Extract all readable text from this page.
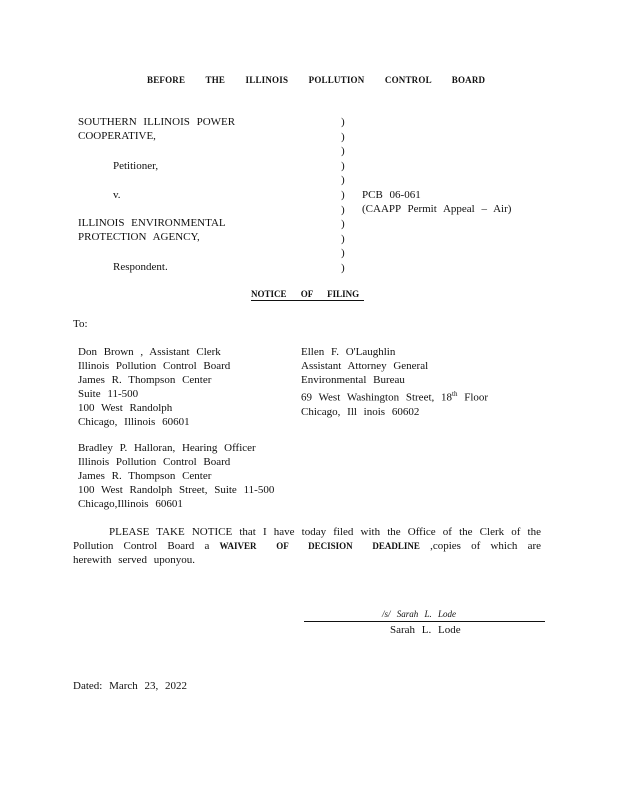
BEFORE THE ILLINOIS POLLUTION CONTROL BOARD
SOUTHERN ILLINOIS POWER
COOPERATIVE,
Petitioner,
v.
ILLINOIS ENVIRONMENTAL
PROTECTION AGENCY,
Respondent.
)
)
)
)
)
)
)
)
)
)
)
PCB 06-061
(CAAPP Permit Appeal – Air)
NOTICE OF FILING
To:
Don Brown , Assistant Clerk
Illinois Pollution Control Board
James R. Thompson Center
Suite 11-500
100 West Randolph
Chicago, Illinois 60601
Ellen F. O'Laughlin
Assistant Attorney General
Environmental Bureau
69 West Washington Street, 18th Floor
Chicago, Ill inois 60602
Bradley P. Halloran, Hearing Officer
Illinois Pollution Control Board
James R. Thompson Center
100 West Randolph Street, Suite 11-500
Chicago,Illinois 60601
PLEASE TAKE NOTICE that I have today filed with the Office of the Clerk of the Pollution Control Board a WAIVER OF DECISION DEADLINE ,copies of which are herewith served uponyou.
/s/ Sarah L. Lode
Sarah L. Lode
Dated: March 23, 2022
